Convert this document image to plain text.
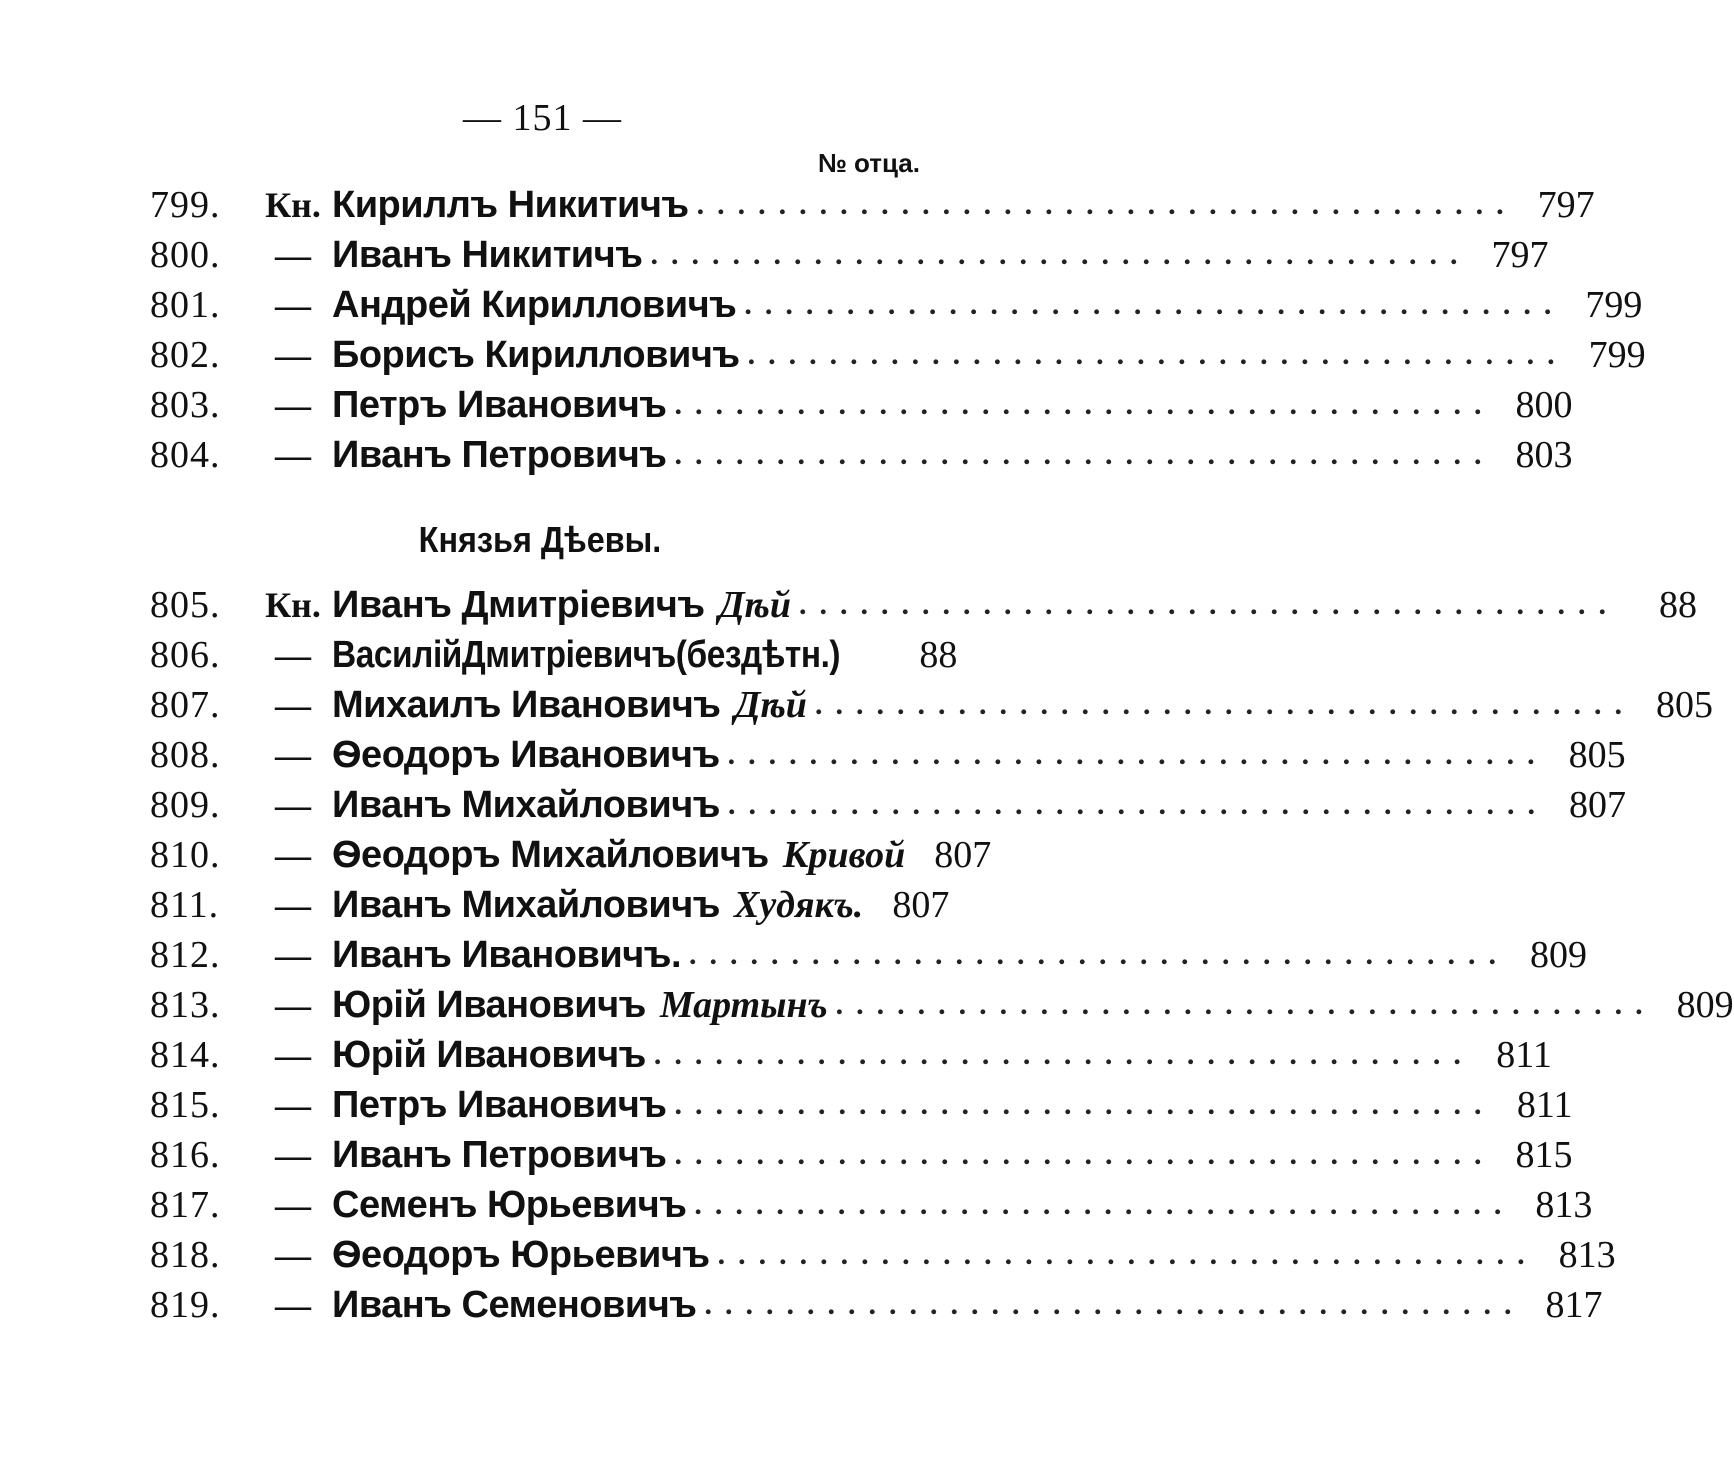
— 151 —
№ отца.
799.	Кн. Кириллъ Никитичъ ........................................ 797
800.	— Иванъ Никитичъ ........................................ 797
801.	— Андрей Кирилловичъ ........................................ 799
802.	— Борисъ Кирилловичъ ........................................ 799
803.	— Петръ Ивановичъ ........................................ 800
804.	— Иванъ Петровичъ ........................................ 803
Князья Дѣевы.
805.	Кн. Иванъ Дмитріевичъ Дѣй ........................................	88
806.	— ВасилійДмитріевичъ(бездѣтн.)	88
807.	— Михаилъ Ивановичъ Дѣй ........................................ 805
808.	— Ѳеодоръ Ивановичъ ........................................ 805
809.	— Иванъ Михайловичъ ........................................ 807
810.	— Ѳеодоръ Михайловичъ Кривой 807
811.	— Иванъ Михайловичъ Худякъ. 807
812.	— Иванъ Ивановичъ. ........................................ 809
813.	— Юрій Ивановичъ Мартынъ ........................................ 809
814.	— Юрій Ивановичъ ........................................ 811
815.	— Петръ Ивановичъ ........................................ 811
816.	— Иванъ Петровичъ ........................................ 815
817.	— Семенъ Юрьевичъ ........................................ 813
818.	— Ѳеодоръ Юрьевичъ ........................................ 813
819.	— Иванъ Семеновичъ ........................................ 817
